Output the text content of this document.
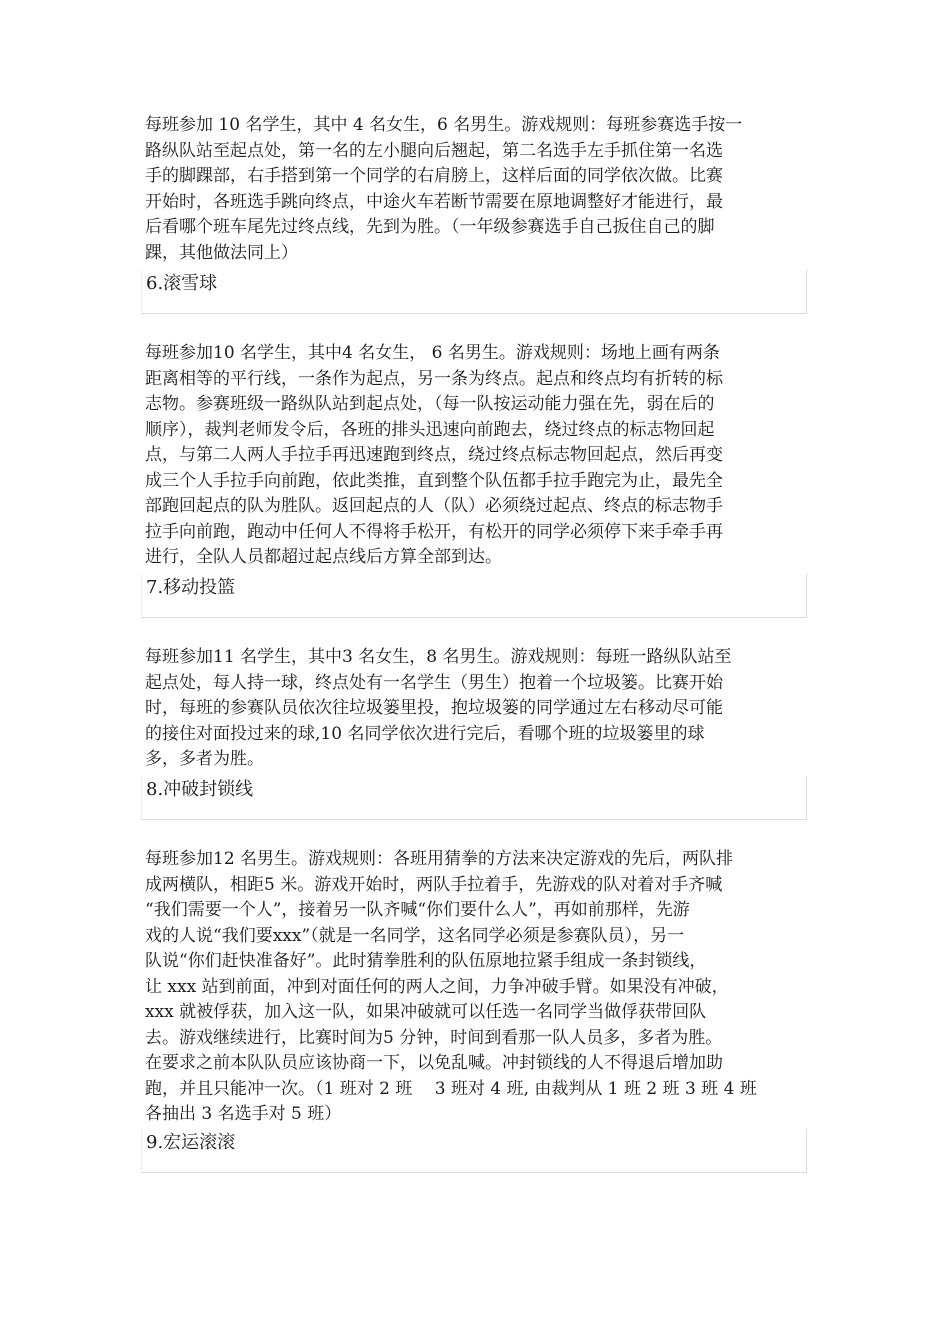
每班参加 10 名学生，其中 4 名女生，6 名男生。游戏规则：每班参赛选手按一
路纵队站至起点处，第一名的左小腿向后翘起，第二名选手左手抓住第一名选
手的脚踝部，右手搭到第一个同学的右肩膀上，这样后面的同学依次做。比赛
开始时，各班选手跳向终点，中途火车若断节需要在原地调整好才能进行，最
后看哪个班车尾先过终点线，先到为胜。（一年级参赛选手自己扳住自己的脚
踝，其他做法同上）
6.滚雪球
每班参加10 名学生，其中4 名女生， 6 名男生。游戏规则：场地上画有两条
距离相等的平行线，一条作为起点，另一条为终点。起点和终点均有折转的标
志物。参赛班级一路纵队站到起点处，（每一队按运动能力强在先，弱在后的
顺序），裁判老师发令后，各班的排头迅速向前跑去，绕过终点的标志物回起
点，与第二人两人手拉手再迅速跑到终点，绕过终点标志物回起点，然后再变
成三个人手拉手向前跑，依此类推，直到整个队伍都手拉手跑完为止，最先全
部跑回起点的队为胜队。返回起点的人（队）必须绕过起点、终点的标志物手
拉手向前跑，跑动中任何人不得将手松开，有松开的同学必须停下来手牵手再
进行，全队人员都超过起点线后方算全部到达。
7.移动投篮
每班参加11 名学生，其中3 名女生，8 名男生。游戏规则：每班一路纵队站至
起点处，每人持一球，终点处有一名学生（男生）抱着一个垃圾篓。比赛开始
时，每班的参赛队员依次往垃圾篓里投，抱垃圾篓的同学通过左右移动尽可能
的接住对面投过来的球,10 名同学依次进行完后，看哪个班的垃圾篓里的球
多，多者为胜。
8.冲破封锁线
每班参加12 名男生。游戏规则：各班用猜拳的方法来决定游戏的先后，两队排
成两横队，相距5 米。游戏开始时，两队手拉着手，先游戏的队对着对手齐喊
“我们需要一个人”，接着另一队齐喊“你们要什么人”，再如前那样，先游
戏的人说“我们要xxx”（就是一名同学，这名同学必须是参赛队员），另一
队说“你们赶快准备好”。此时猜拳胜利的队伍原地拉紧手组成一条封锁线，
让 xxx 站到前面，冲到对面任何的两人之间，力争冲破手臂。如果没有冲破，
xxx 就被俘获，加入这一队，如果冲破就可以任选一名同学当做俘获带回队
去。游戏继续进行，比赛时间为5 分钟，时间到看那一队人员多，多者为胜。
在要求之前本队队员应该协商一下，以免乱喊。冲封锁线的人不得退后增加助
跑，并且只能冲一次。（1 班对 2 班　 3 班对 4 班, 由裁判从 1 班 2 班 3 班 4 班
各抽出 3 名选手对 5 班）
9.宏运滚滚
